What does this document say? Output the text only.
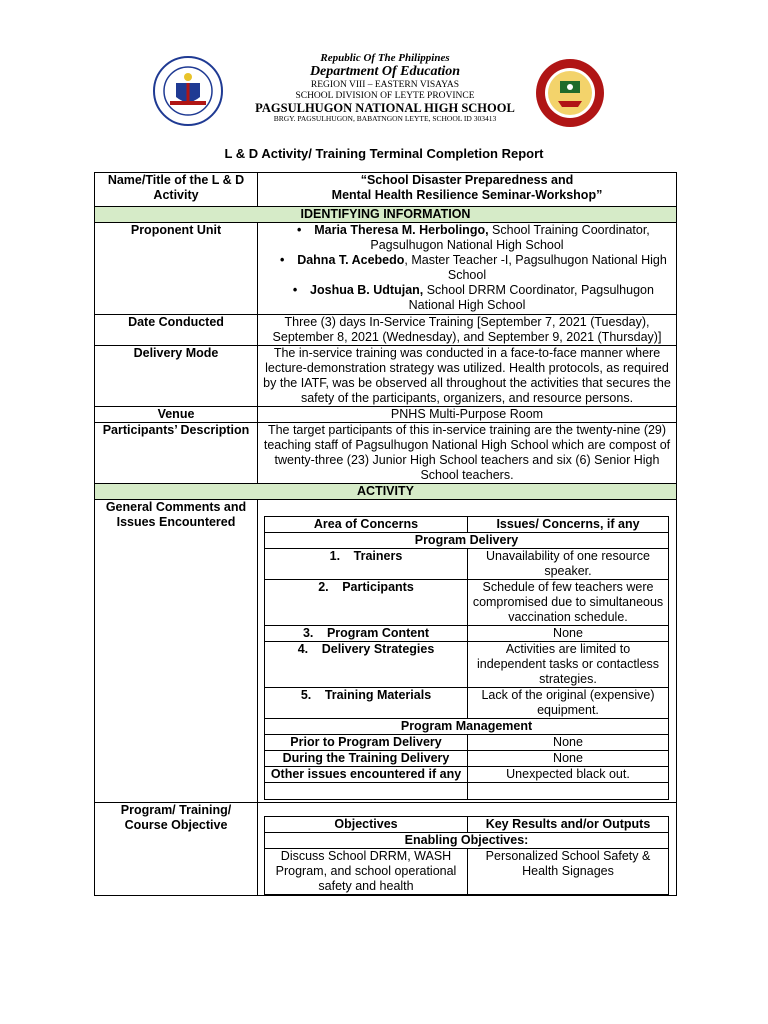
Republic Of The Philippines
Department Of Education
REGION VIII – EASTERN VISAYAS
SCHOOL DIVISION OF LEYTE PROVINCE
PAGSULHUGON NATIONAL HIGH SCHOOL
BRGY. PAGSULHUGON, BABATNGON LEYTE, SCHOOL ID 303413
L & D Activity/ Training Terminal Completion Report
Name/Title of the L & D Activity	
“School Disaster Preparedness and
Mental Health Resilience Seminar-Workshop”

IDENTIFYING INFORMATION
Proponent Unit	• Maria Theresa M. Herbolingo, School Training Coordinator, Pagsulhugon National High School
• Dahna T. Acebedo, Master Teacher -I, Pagsulhugon National High School
• Joshua B. Udtujan, School DRRM Coordinator, Pagsulhugon National High School

Date Conducted	Three (3) days In-Service Training [September 7, 2021 (Tuesday), September 8, 2021 (Wednesday), and September 9, 2021 (Thursday)]
Delivery Mode	The in-service training was conducted in a face-to-face manner where lecture-demonstration strategy was utilized. Health protocols, as required by the IATF, was be observed all throughout the activities that secures the safety of the participants, organizers, and resource persons.
Venue	PNHS Multi-Purpose Room
Participants’ Description	The target participants of this in-service training are the twenty-nine (29) teaching staff of Pagsulhugon National High School which are compost of twenty-three (23) Junior High School teachers and six (6) Senior High School teachers.
ACTIVITY
General Comments and Issues Encountered		Area of Concerns	Issues/ Concerns, if any
Program Delivery
1. Trainers	Unavailability of one resource speaker.
2. Participants	Schedule of few teachers were compromised due to simultaneous vaccination schedule.
3. Program Content	None
4. Delivery Strategies	Activities are limited to independent tasks or contactless strategies.
5. Training Materials	Lack of the original (expensive) equipment.
Program Management
Prior to Program Delivery	None
During the Training Delivery	None
Other issues encountered if any	Unexpected black out.

Program/ Training/ Course Objective		Objectives	Key Results and/or Outputs
Enabling Objectives:
Discuss School DRRM, WASH Program, and school operational safety and health	Personalized School Safety & Health Signages
